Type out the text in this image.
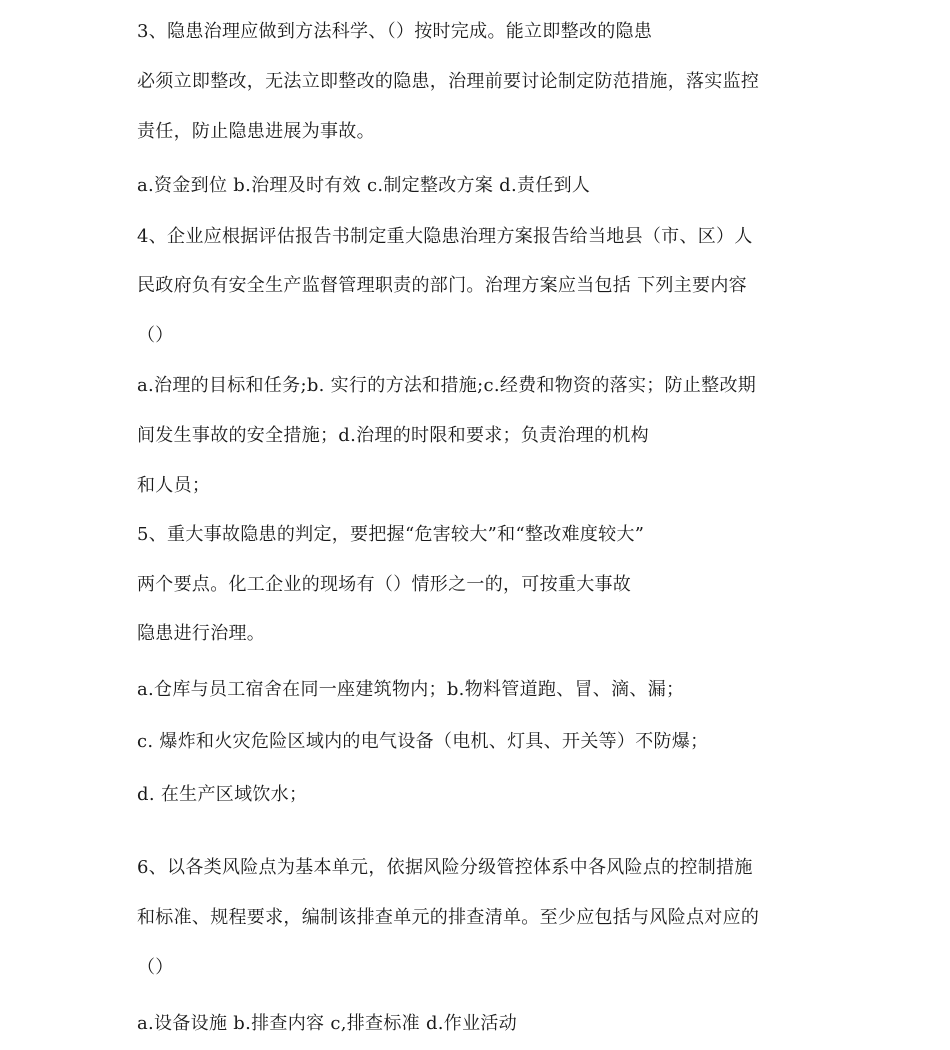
3、隐患治理应做到方法科学、（）按时完成。能立即整改的隐患
必须立即整改，无法立即整改的隐患，治理前要讨论制定防范措施，落实监控
责任，防止隐患进展为事故。
a.资金到位 b.治理及时有效 c.制定整改方案 d.责任到人
4、企业应根据评估报告书制定重大隐患治理方案报告给当地县（市、区）人
民政府负有安全生产监督管理职责的部门。治理方案应当包括 下列主要内容
（）
a.治理的目标和任务;b. 实行的方法和措施;c.经费和物资的落实；防止整改期
间发生事故的安全措施；d.治理的时限和要求；负责治理的机构
和人员；
5、重大事故隐患的判定，要把握“危害较大”和“整改难度较大”
两个要点。化工企业的现场有（）情形之一的，可按重大事故
隐患进行治理。
a.仓库与员工宿舍在同一座建筑物内；b.物料管道跑、冒、滴、漏；
c. 爆炸和火灾危险区域内的电气设备（电机、灯具、开关等）不防爆；
d. 在生产区域饮水；
6、以各类风险点为基本单元，依据风险分级管控体系中各风险点的控制措施
和标准、规程要求，编制该排查单元的排查清单。至少应包括与风险点对应的
（）
a.设备设施 b.排查内容 c,排查标准 d.作业活动
